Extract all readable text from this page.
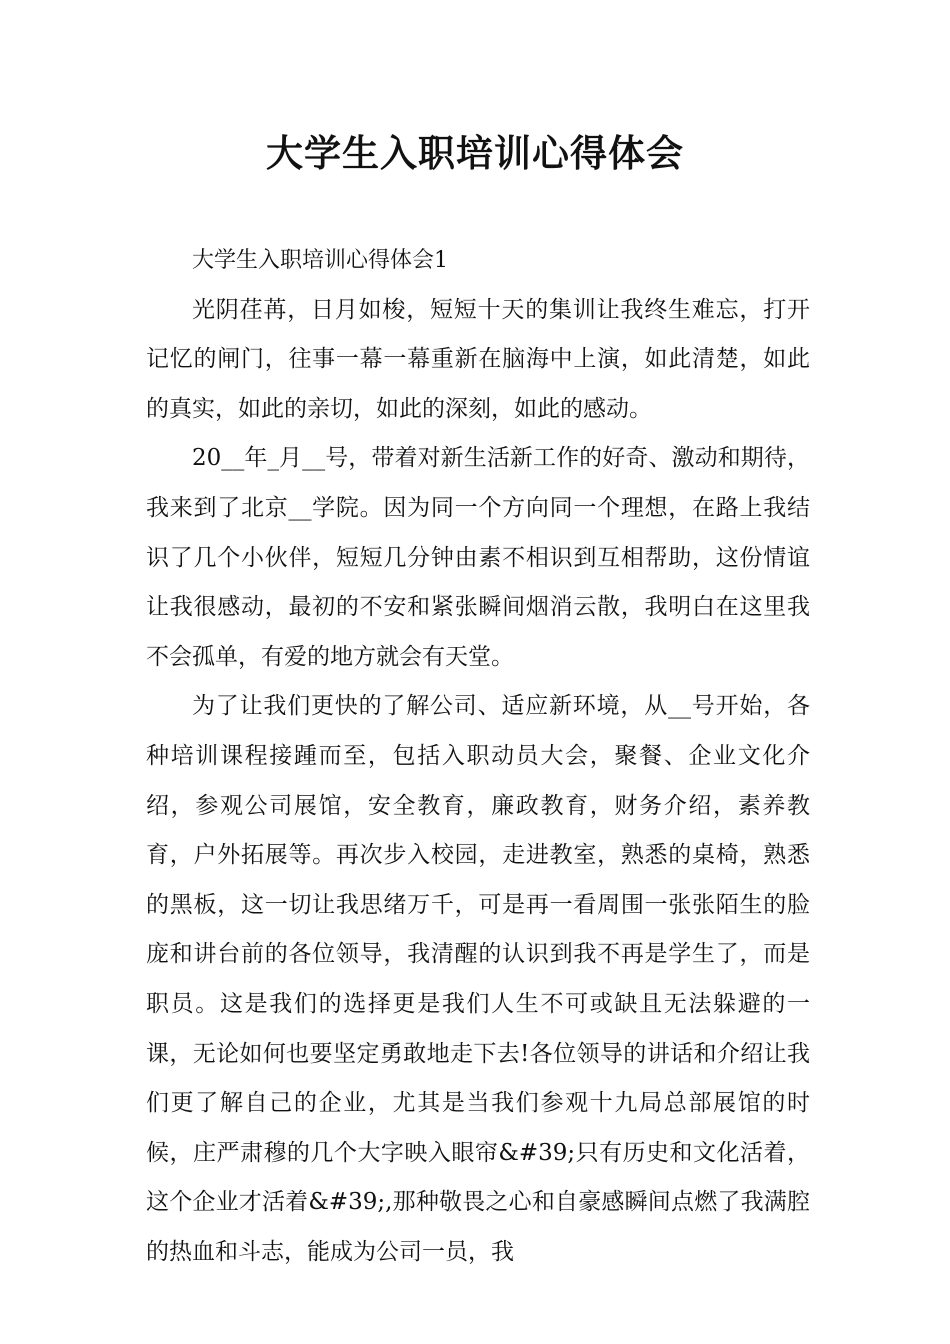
大学生入职培训心得体会

大学生入职培训心得体会1

光阴荏苒，日月如梭，短短十天的集训让我终生难忘，打开记忆的闸门，往事一幕一幕重新在脑海中上演，如此清楚，如此的真实，如此的亲切，如此的深刻，如此的感动。

20__年_月__号，带着对新生活新工作的好奇、激动和期待，我来到了北京__学院。因为同一个方向同一个理想，在路上我结识了几个小伙伴，短短几分钟由素不相识到互相帮助，这份情谊让我很感动，最初的不安和紧张瞬间烟消云散，我明白在这里我不会孤单，有爱的地方就会有天堂。

为了让我们更快的了解公司、适应新环境，从__号开始，各种培训课程接踵而至，包括入职动员大会，聚餐、企业文化介绍，参观公司展馆，安全教育，廉政教育，财务介绍，素养教育，户外拓展等。再次步入校园，走进教室，熟悉的桌椅，熟悉的黑板，这一切让我思绪万千，可是再一看周围一张张陌生的脸庞和讲台前的各位领导，我清醒的认识到我不再是学生了，而是职员。这是我们的选择更是我们人生不可或缺且无法躲避的一课，无论如何也要坚定勇敢地走下去!各位领导的讲话和介绍让我们更了解自己的企业，尤其是当我们参观十九局总部展馆的时候，庄严肃穆的几个大字映入眼帘&#39;只有历史和文化活着，这个企业才活着&#39;,那种敬畏之心和自豪感瞬间点燃了我满腔的热血和斗志，能成为公司一员，我
